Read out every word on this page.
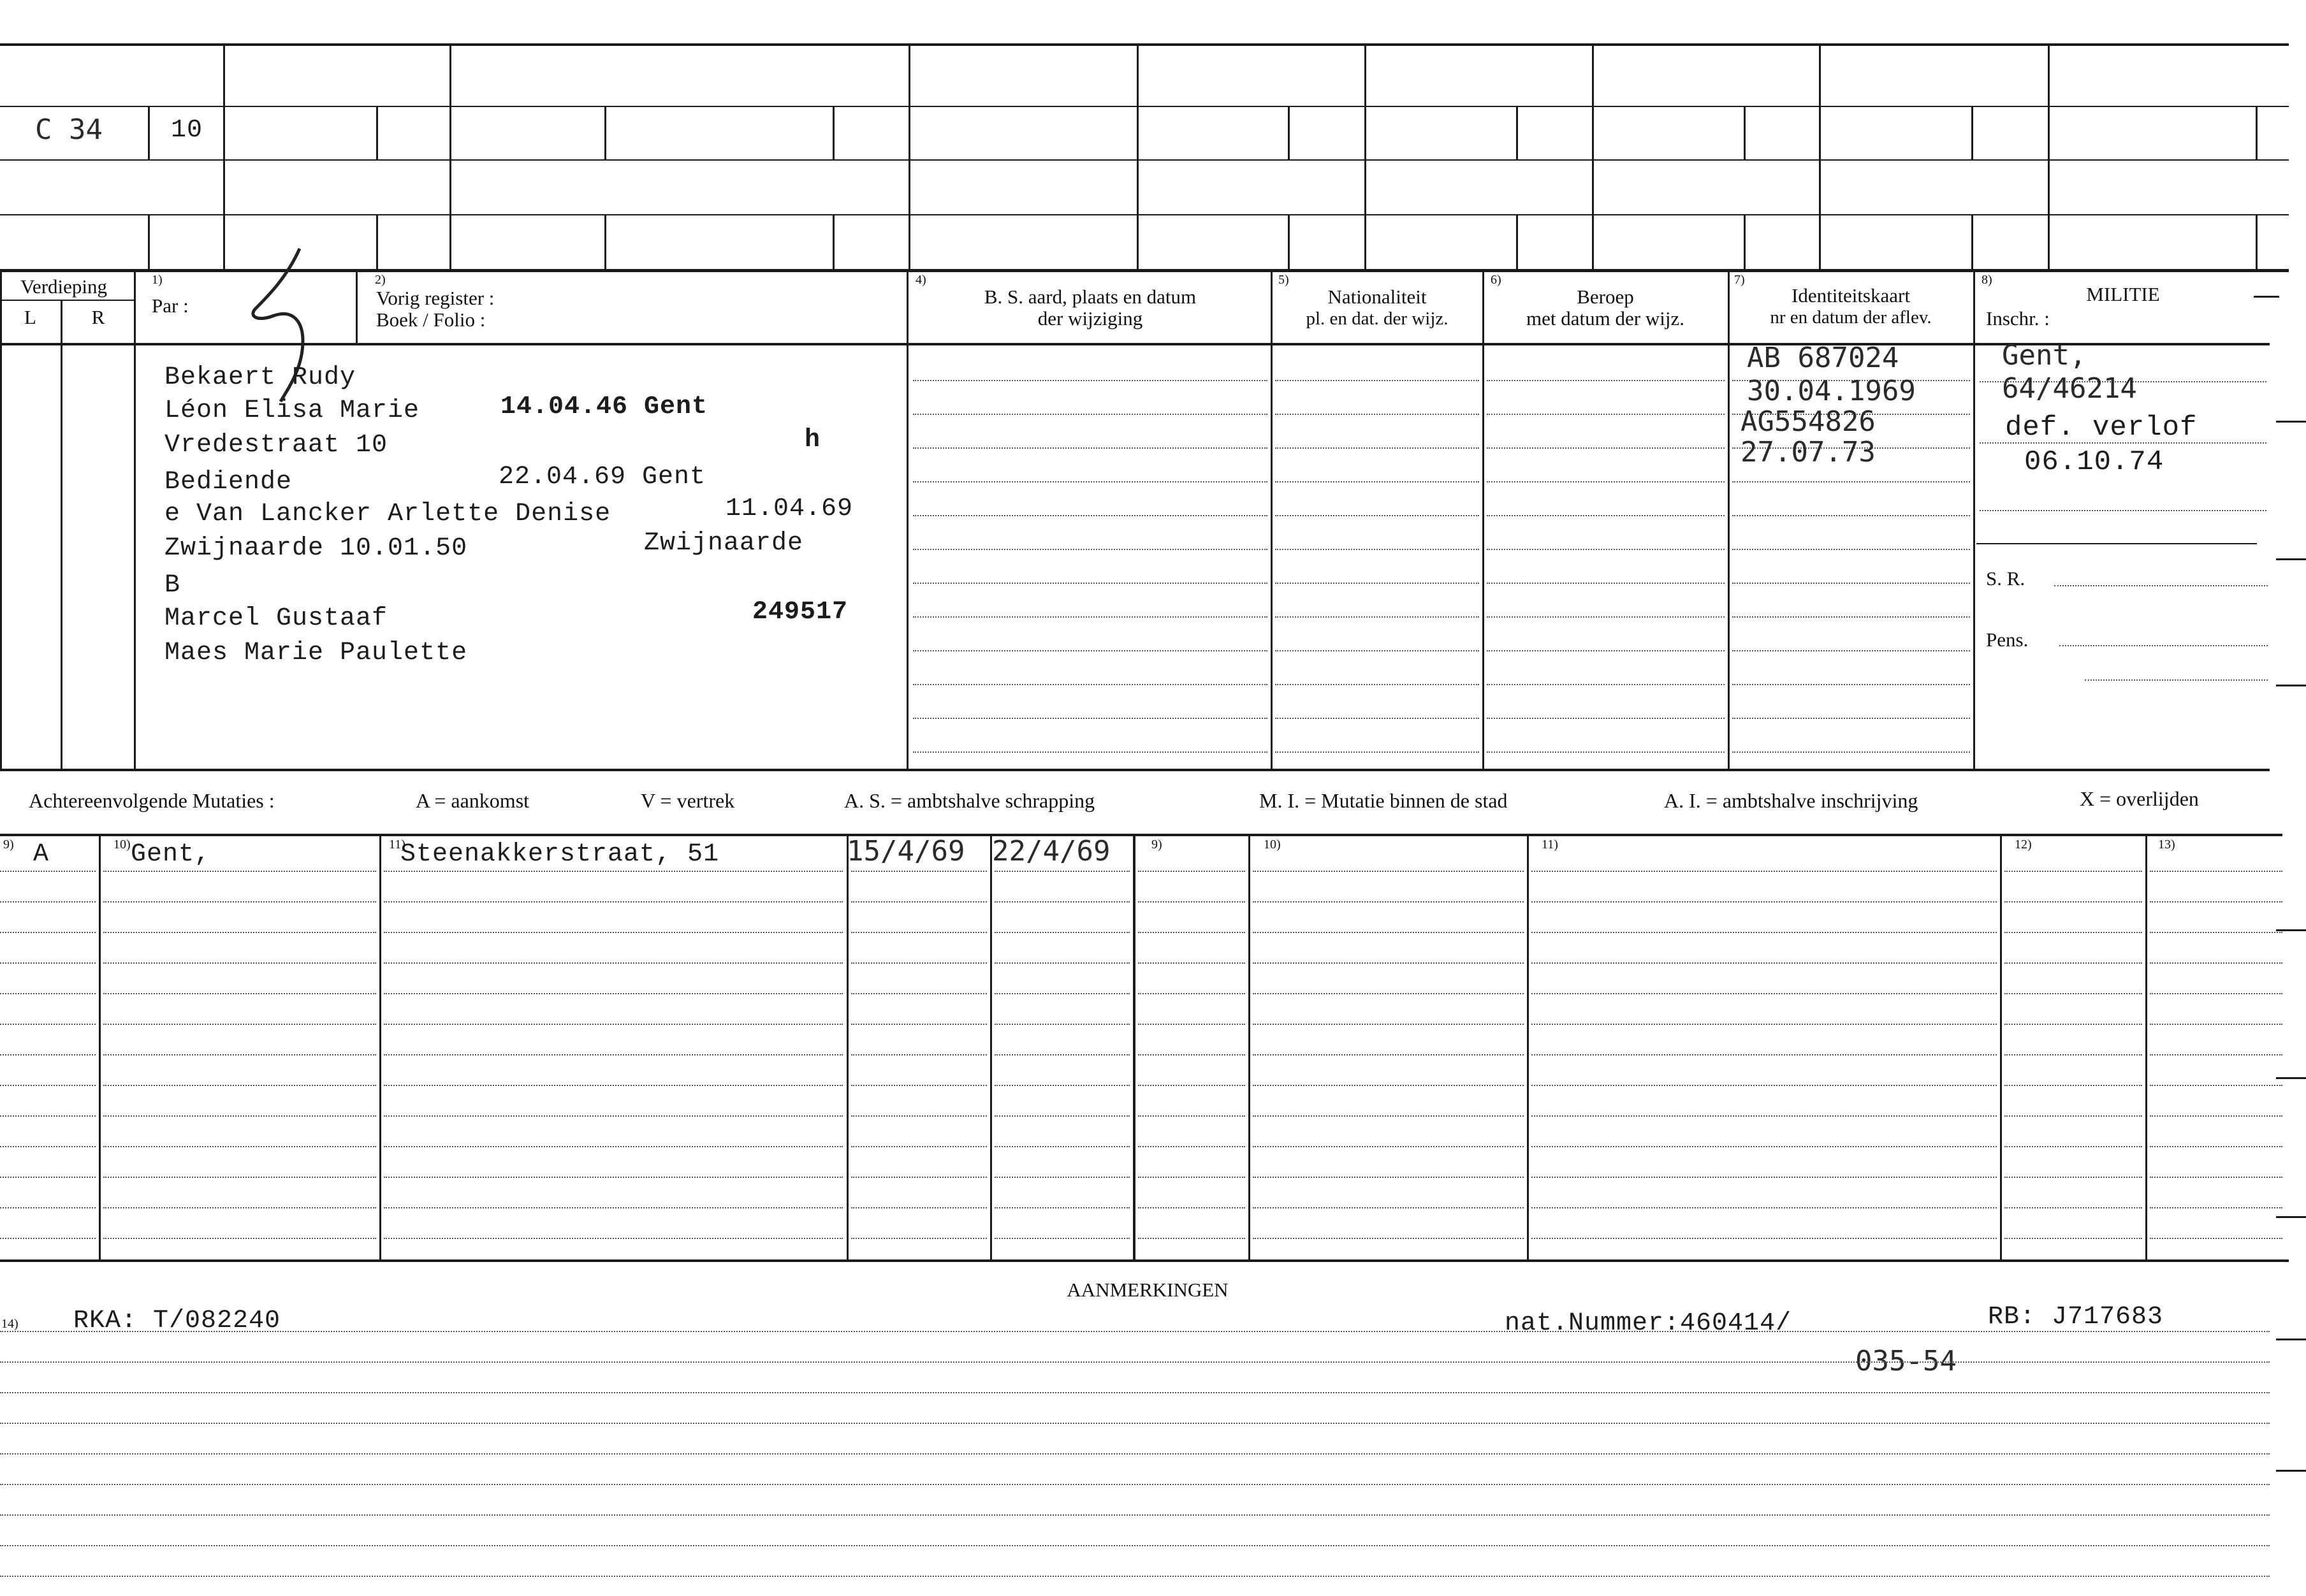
C 34	10
Verdieping
L	R
1)
Par :
2)
Vorig register :
Boek / Folio :
4)
B. S. aard, plaats en datum
der wijziging
5)
Nationaliteit
pl. en dat. der wijz.
6)
Beroep
met datum der wijz.
7)
Identiteitskaart
nr en datum der aflev.
8)
MILITIE
Inschr. :
Bekaert Rudy
Léon Elisa Marie	14.04.46 Gent
Vredestraat 10	h
Bediende	22.04.69 Gent
e Van Lancker Arlette Denise	11.04.69
Zwijnaarde 10.01.50	Zwijnaarde
B
Marcel Gustaaf	249517
Maes Marie Paulette
AB 687024
30.04.1969
AG554826
27.07.73
Gent,
64/46214
def. verlof
06.10.74
S. R.
Pens.
Achtereenvolgende Mutaties :	A = aankomst	V = vertrek	A. S. = ambtshalve schrapping	M. I. = Mutatie binnen de stad	A. I. = ambtshalve inschrijving	X = overlijden
9)	10)	11)	9)	10)	11)	12)	13)
A	Gent,	Steenakkerstraat, 51	15/4/69 22/4/69
AANMERKINGEN
14) RKA: T/082240	nat.Nummer:460414/
035-54
RB: J717683
